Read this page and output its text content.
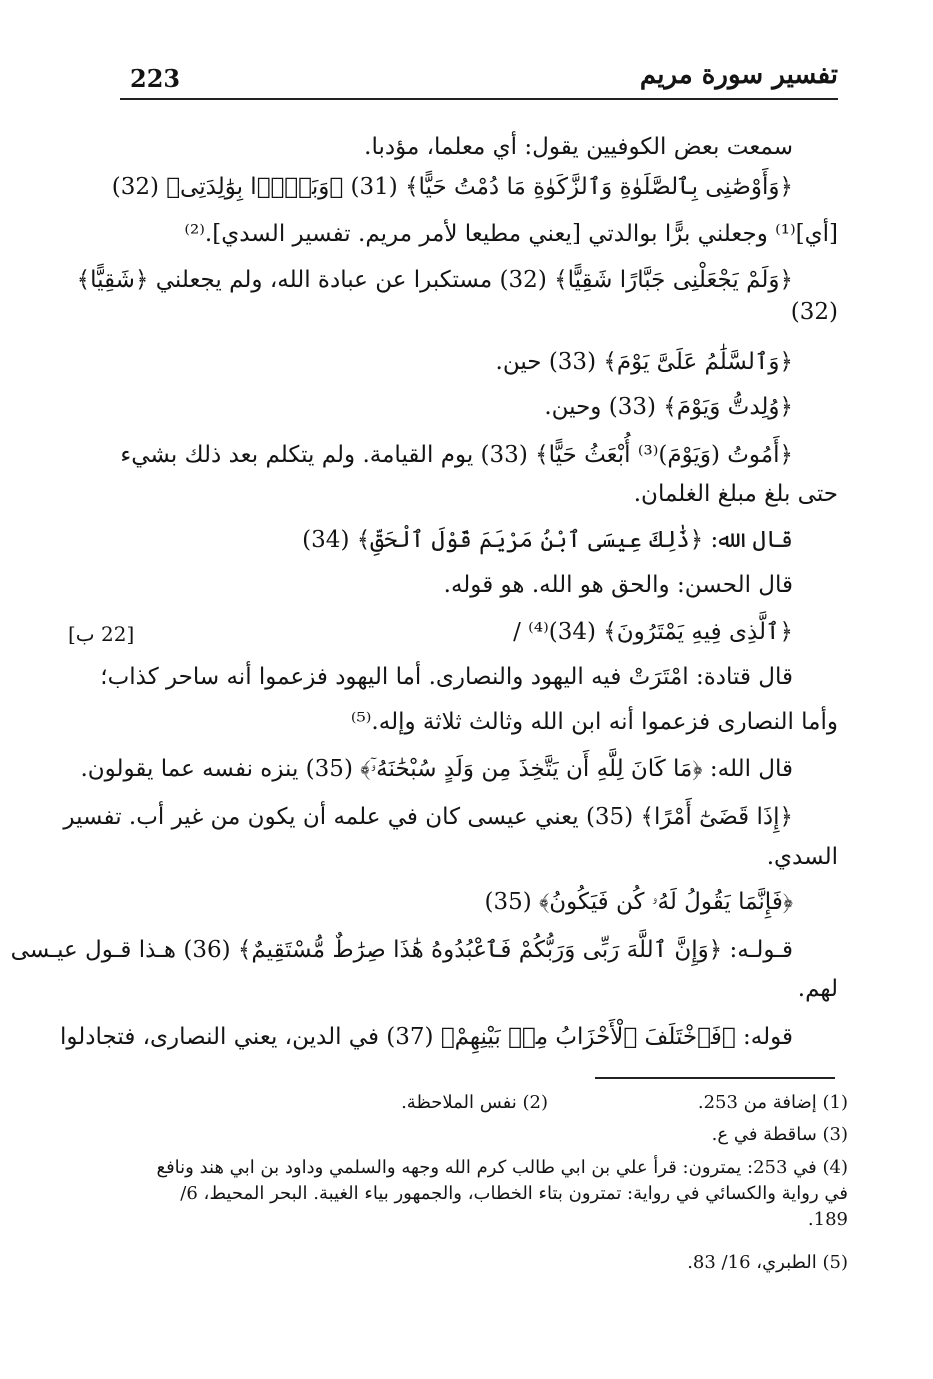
تفسير سورة مريم
223
سمعت بعض الكوفيين يقول: أي معلما، مؤدبا.
﴿وَأَوْصَٰنِى بِٱلصَّلَوٰةِ وَٱلزَّكَوٰةِ مَا دُمْتُ حَيًّا﴾ (31) ﴿وَبَرًّۢا بِوَٰلِدَتِى﴾ (32)
[أي]⁽¹⁾ وجعلني برًّا بوالدتي [يعني مطيعا لأمر مريم. تفسير السدي].⁽²⁾
﴿وَلَمْ يَجْعَلْنِى جَبَّارًا شَقِيًّا﴾ (32) مستكبرا عن عبادة الله، ولم يجعلني ﴿شَقِيًّا﴾
(32)
﴿وَٱلسَّلَٰمُ عَلَىَّ يَوْمَ﴾ (33) حين.
﴿وُلِدتُّ وَيَوْمَ﴾ (33) وحين.
﴿أَمُوتُ (وَيَوْمَ)⁽³⁾ أُبْعَثُ حَيًّا﴾ (33) يوم القيامة. ولم يتكلم بعد ذلك بشيء
حتى بلغ مبلغ الغلمان.
قال الله: ﴿ذَٰلِكَ عِيسَى ٱبْنُ مَرْيَمَ قَوْلَ ٱلْحَقِّ﴾ (34)
قال الحسن: والحق هو الله. هو قوله.
﴿ٱلَّذِى فِيهِ يَمْتَرُونَ﴾ (34)⁽⁴⁾ /
قال قتادة: امْتَرَتْ فيه اليهود والنصارى. أما اليهود فزعموا أنه ساحر كذاب؛
وأما النصارى فزعموا أنه ابن الله وثالث ثلاثة وإله.⁽⁵⁾
قال الله: ﴿مَا كَانَ لِلَّهِ أَن يَتَّخِذَ مِن وَلَدٍ سُبْحَٰنَهُۥٓ﴾ (35) ينزه نفسه عما يقولون.
﴿إِذَا قَضَىٰٓ أَمْرًا﴾ (35) يعني عيسى كان في علمه أن يكون من غير أب. تفسير
السدي.
﴿فَإِنَّمَا يَقُولُ لَهُۥ كُن فَيَكُونُ﴾ (35)
قـولـه: ﴿وَإِنَّ ٱللَّهَ رَبِّى وَرَبُّكُمْ فَٱعْبُدُوهُ هَٰذَا صِرَٰطٌ مُّسْتَقِيمٌ﴾ (36) هـذا قـول عيـسى
لهم.
قوله: ﴿فَٱخْتَلَفَ ٱلْأَحْزَابُ مِنۢ بَيْنِهِمْ﴾ (37) في الدين، يعني النصارى، فتجادلوا
[22 ب]
(1) إضافة من 253.
(2) نفس الملاحظة.
(3) ساقطة في ع.
(4) في 253: يمترون: قرأ علي بن ابي طالب كرم الله وجهه والسلمي وداود بن ابي هند ونافع في رواية والكسائي في رواية: تمترون بتاء الخطاب، والجمهور بياء الغيبة. البحر المحيط، 6/ 189.
(5) الطبري، 16/ 83.
